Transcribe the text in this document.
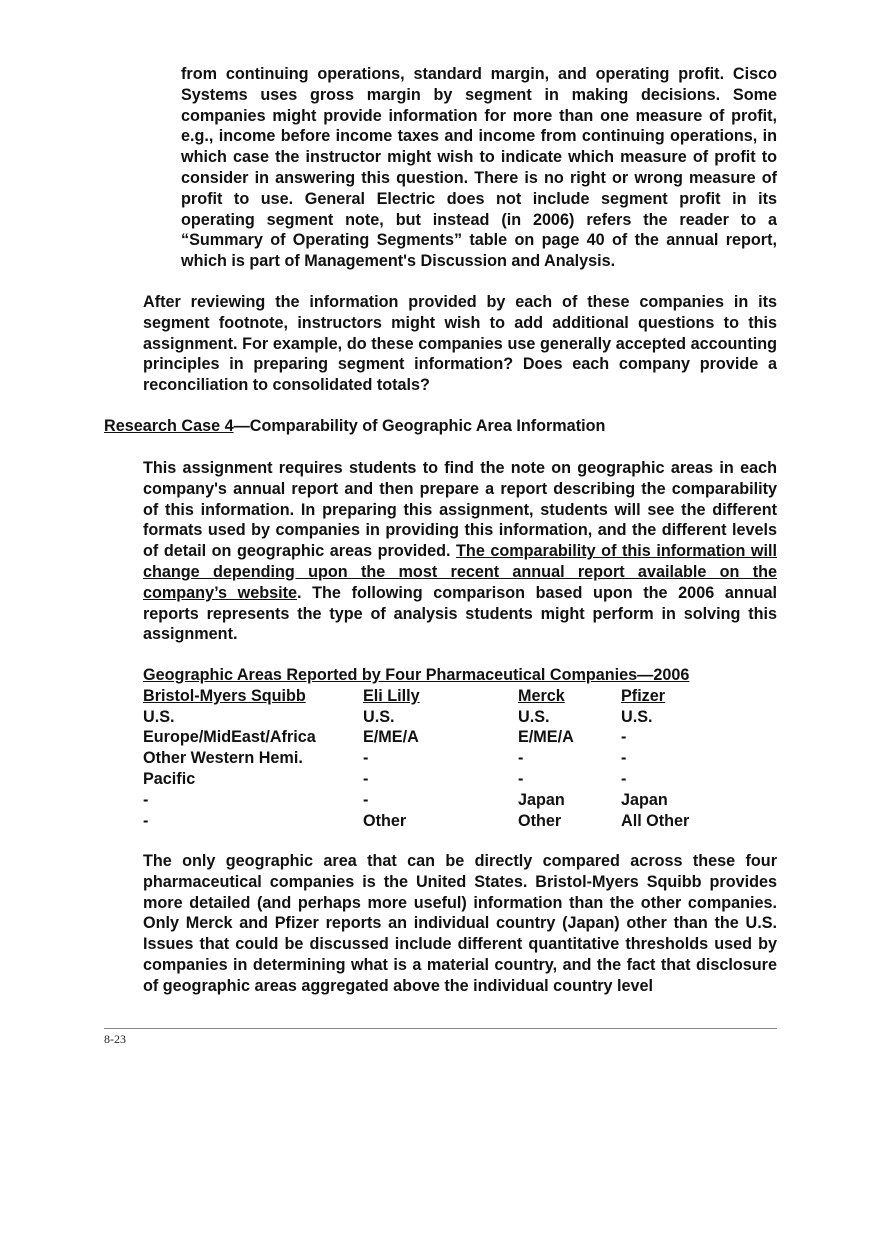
from continuing operations, standard margin, and operating profit. Cisco Systems uses gross margin by segment in making decisions. Some companies might provide information for more than one measure of profit, e.g., income before income taxes and income from continuing operations, in which case the instructor might wish to indicate which measure of profit to consider in answering this question. There is no right or wrong measure of profit to use. General Electric does not include segment profit in its operating segment note, but instead (in 2006) refers the reader to a “Summary of Operating Segments” table on page 40 of the annual report, which is part of Management's Discussion and Analysis.

After reviewing the information provided by each of these companies in its segment footnote, instructors might wish to add additional questions to this assignment. For example, do these companies use generally accepted accounting principles in preparing segment information? Does each company provide a reconciliation to consolidated totals?

Research Case 4—Comparability of Geographic Area Information

This assignment requires students to find the note on geographic areas in each company's annual report and then prepare a report describing the comparability of this information. In preparing this assignment, students will see the different formats used by companies in providing this information, and the different levels of detail on geographic areas provided. The comparability of this information will change depending upon the most recent annual report available on the company’s website. The following comparison based upon the 2006 annual reports represents the type of analysis students might perform in solving this assignment.

Geographic Areas Reported by Four Pharmaceutical Companies—2006
Bristol-Myers Squibb	Eli Lilly	Merck	Pfizer
U.S.	U.S.	U.S.	U.S.
Europe/MidEast/Africa	E/ME/A	E/ME/A	-
Other Western Hemi.	-	-	-
Pacific	-	-	-
-	-	Japan	Japan
-	Other	Other	All Other

The only geographic area that can be directly compared across these four pharmaceutical companies is the United States. Bristol-Myers Squibb provides more detailed (and perhaps more useful) information than the other companies. Only Merck and Pfizer reports an individual country (Japan) other than the U.S. Issues that could be discussed include different quantitative thresholds used by companies in determining what is a material country, and the fact that disclosure of geographic areas aggregated above the individual country level

8-23
